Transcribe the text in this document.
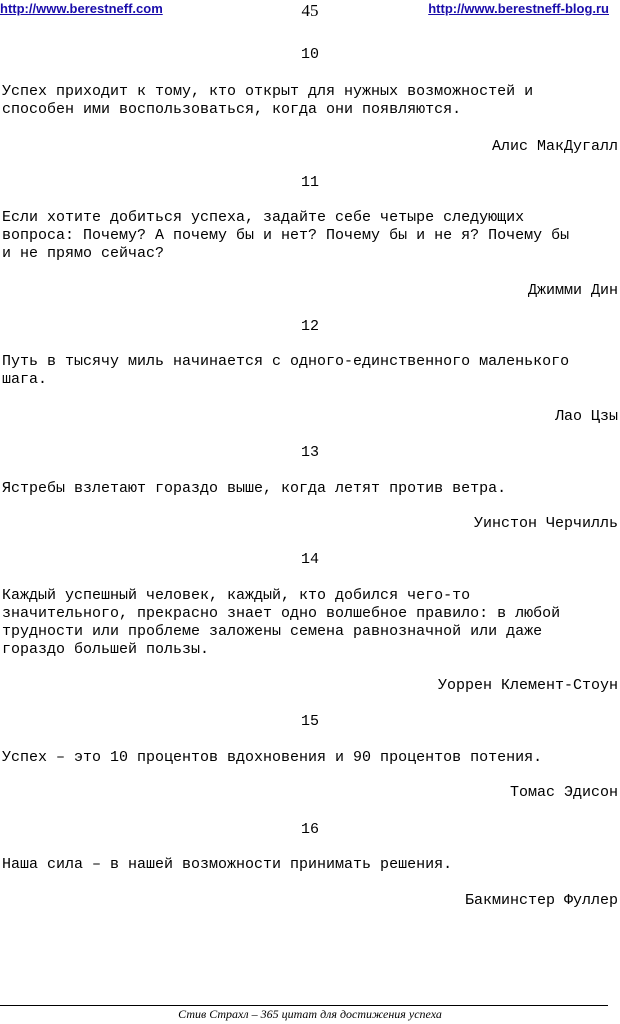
http://www.berestneff.com	45	http://www.berestneff-blog.ru
10
Успех приходит к тому, кто открыт для нужных возможностей и
способен ими воспользоваться, когда они появляются.
Алис МакДугалл
11
Если хотите добиться успеха, задайте себе четыре следующих
вопроса: Почему? А почему бы и нет? Почему бы и не я? Почему бы
и не прямо сейчас?
Джимми Дин
12
Путь в тысячу миль начинается с одного-единственного маленького
шага.
Лао Цзы
13
Ястребы взлетают гораздо выше, когда летят против ветра.
Уинстон Черчилль
14
Каждый успешный человек, каждый, кто добился чего-то
значительного, прекрасно знает одно волшебное правило: в любой
трудности или проблеме заложены семена равнозначной или даже
гораздо большей пользы.
Уоррен Клемент-Стоун
15
Успех – это 10 процентов вдохновения и 90 процентов потения.
Томас Эдисон
16
Наша сила – в нашей возможности принимать решения.
Бакминстер Фуллер
Стив Страхл – 365 цитат для достижения успеха
